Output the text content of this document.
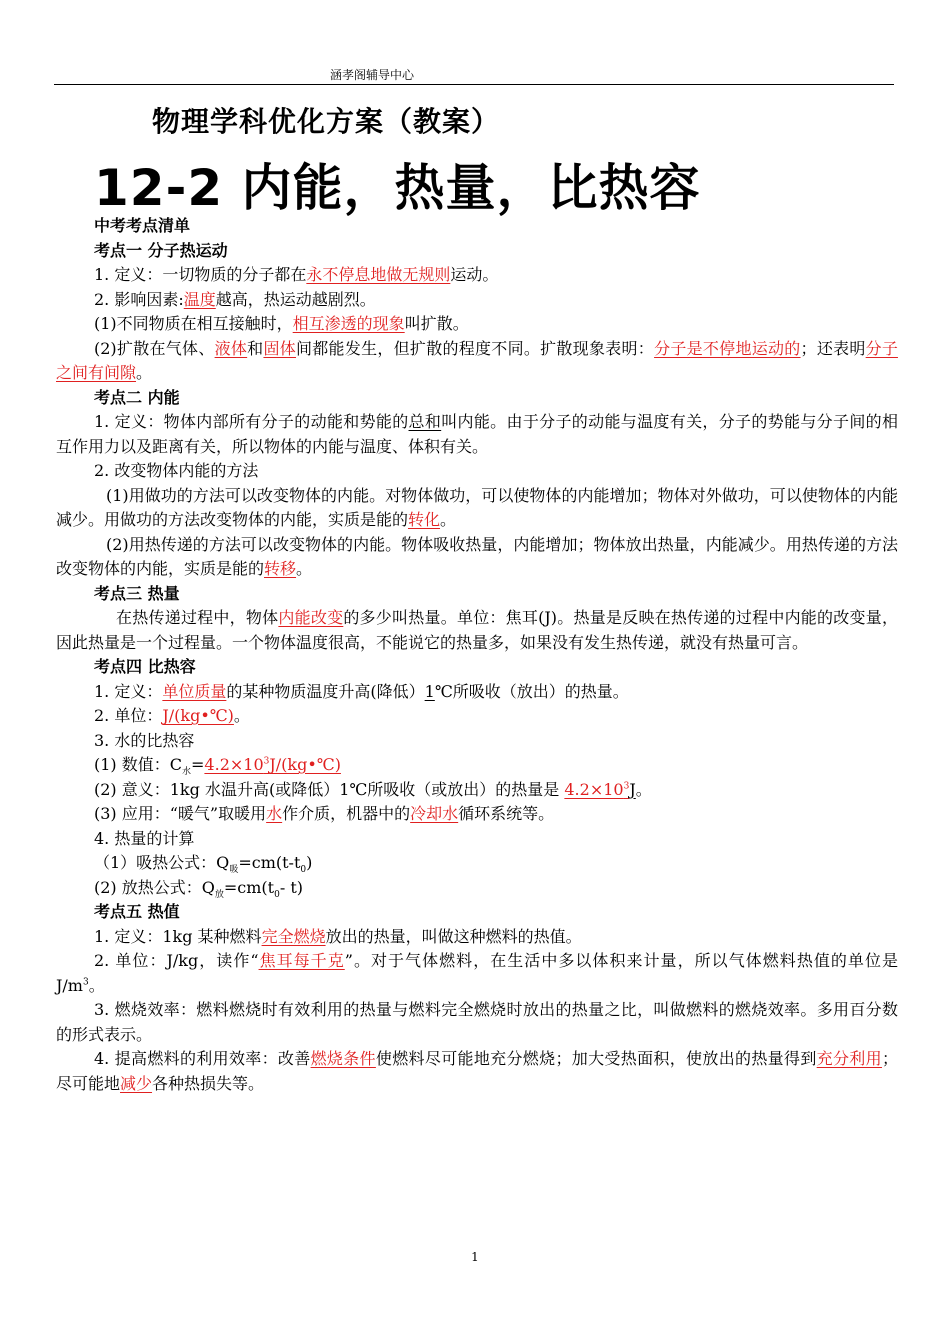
涵孝阁辅导中心
物理学科优化方案（教案）
12-2 内能，热量，比热容

中考考点清单

考点一 分子热运动

1. 定义：一切物质的分子都在永不停息地做无规则运动。

2. 影响因素:温度越高，热运动越剧烈。

(1)不同物质在相互接触时，相互渗透的现象叫扩散。

(2)扩散在气体、液体和固体间都能发生，但扩散的程度不同。扩散现象表明：分子是不停地运动的；还表明分子之间有间隙。

考点二 内能

1. 定义：物体内部所有分子的动能和势能的总和叫内能。由于分子的动能与温度有关，分子的势能与分子间的相互作用力以及距离有关，所以物体的内能与温度、体积有关。

2. 改变物体内能的方法

(1)用做功的方法可以改变物体的内能。对物体做功，可以使物体的内能增加；物体对外做功，可以使物体的内能减少。用做功的方法改变物体的内能，实质是能的转化。

(2)用热传递的方法可以改变物体的内能。物体吸收热量，内能增加；物体放出热量，内能减少。用热传递的方法改变物体的内能，实质是能的转移。

考点三 热量

在热传递过程中，物体内能改变的多少叫热量。单位：焦耳(J)。热量是反映在热传递的过程中内能的改变量，因此热量是一个过程量。一个物体温度很高，不能说它的热量多，如果没有发生热传递，就没有热量可言。

考点四 比热容

1. 定义：单位质量的某种物质温度升高(降低）1℃所吸收（放出）的热量。

2. 单位：J/(kg•℃)。

3. 水的比热容

(1) 数值：$C_水=4.2\times 10^3J/(kg•℃)$

(2) 意义：1kg 水温升高(或降低）1℃所吸收（或放出）的热量是 $4.2\times 10^3J$。

(3) 应用：“暖气”取暖用水作介质，机器中的冷却水循环系统等。

4. 热量的计算

（1）吸热公式：$Q_吸=cm(t-t_0)$

(2) 放热公式：$Q_放=cm(t_0-$ t)

考点五 热值

1. 定义：1kg 某种燃料完全燃烧放出的热量，叫做这种燃料的热值。

2. 单位：J/kg，读作“焦耳每千克”。对于气体燃料，在生活中多以体积来计量，所以气体燃料热值的单位是 $J/m^3$。

3. 燃烧效率：燃料燃烧时有效利用的热量与燃料完全燃烧时放出的热量之比，叫做燃料的燃烧效率。多用百分数的形式表示。

4. 提高燃料的利用效率：改善燃烧条件使燃料尽可能地充分燃烧；加大受热面积，使放出的热量得到充分利用；尽可能地减少各种热损失等。

1
